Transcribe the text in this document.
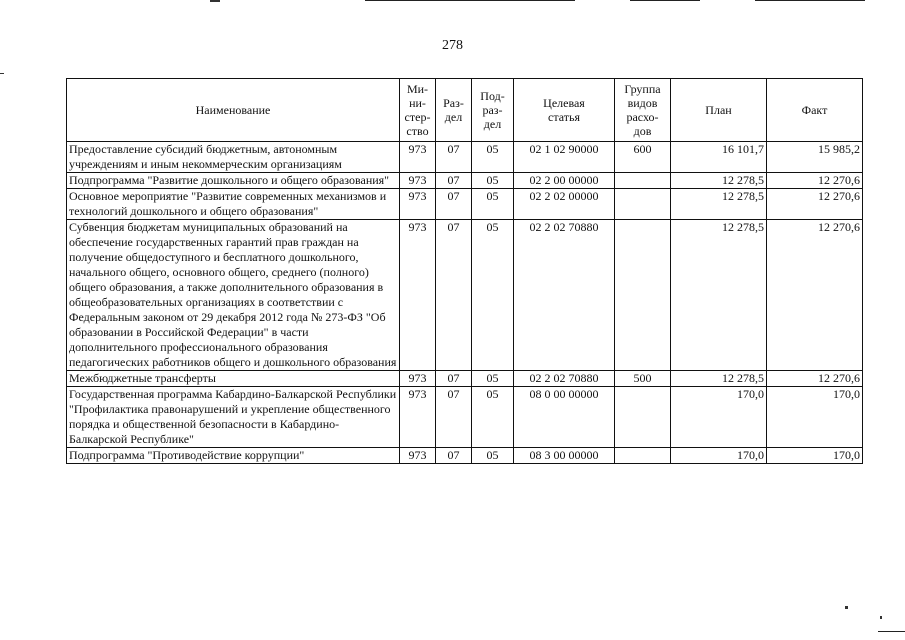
278
Наименование	Ми-
ни-
стер-
ство	Раз-
дел	Под-
раз-
дел	Целевая
статья	Группа
видов
расхо-
дов	План	Факт
Предоставление субсидий бюджетным, автономным учреждениям и иным некоммерческим организациям	973	07	05	02 1 02 90000	600	16 101,7	15 985,2
Подпрограмма "Развитие дошкольного и общего образования"	973	07	05	02 2 00 00000		12 278,5	12 270,6
Основное мероприятие "Развитие современных механизмов и технологий дошкольного и общего образования"	973	07	05	02 2 02 00000		12 278,5	12 270,6
Субвенция бюджетам муниципальных образований на обеспечение государственных гарантий прав граждан на получение общедоступного и бесплатного дошкольного, начального общего, основного общего, среднего (полного) общего образования, а также дополнительного образования в общеобразовательных организациях в соответствии с Федеральным законом от 29 декабря 2012 года № 273-ФЗ "Об образовании в Российской Федерации" в части дополнительного профессионального образования педагогических работников общего и дошкольного образования	973	07	05	02 2 02 70880		12 278,5	12 270,6
Межбюджетные трансферты	973	07	05	02 2 02 70880	500	12 278,5	12 270,6
Государственная программа Кабардино-Балкарской Республики "Профилактика правонарушений и укрепление общественного порядка и общественной безопасности в Кабардино-Балкарской Республике"	973	07	05	08 0 00 00000		170,0	170,0
Подпрограмма "Противодействие коррупции"	973	07	05	08 3 00 00000		170,0	170,0
